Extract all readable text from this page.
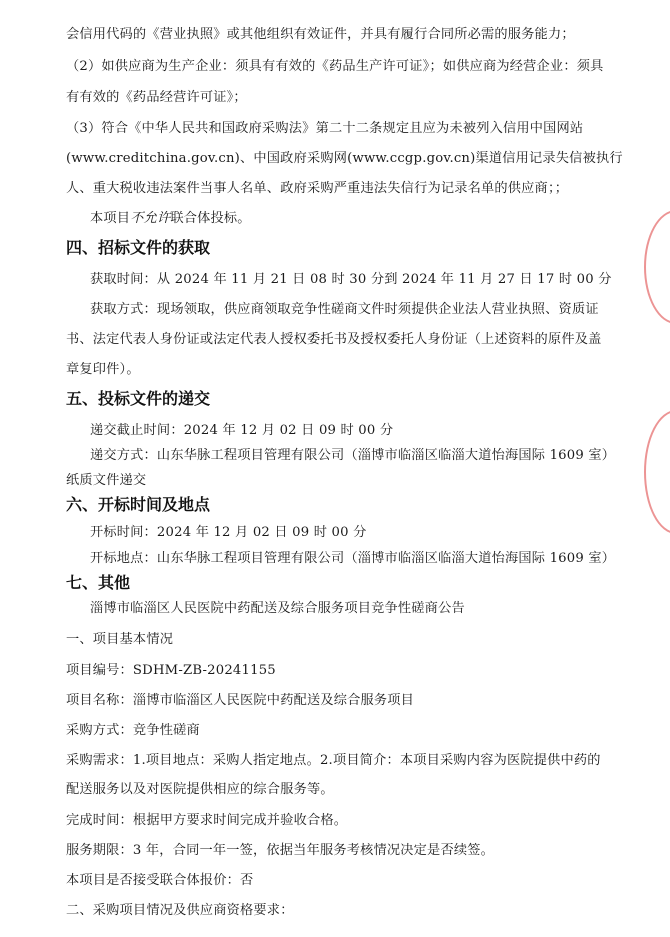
会信用代码的《营业执照》或其他组织有效证件，并具有履行合同所必需的服务能力；
（2）如供应商为生产企业：须具有有效的《药品生产许可证》；如供应商为经营企业：须具
有有效的《药品经营许可证》；
（3）符合《中华人民共和国政府采购法》第二十二条规定且应为未被列入信用中国网站
(www.creditchina.gov.cn)、中国政府采购网(www.ccgp.gov.cn)渠道信用记录失信被执行
人、重大税收违法案件当事人名单、政府采购严重违法失信行为记录名单的供应商；；
本项目不允许联合体投标。
四、招标文件的获取
获取时间：从 2024 年 11 月 21 日 08 时 30 分到 2024 年 11 月 27 日 17 时 00 分
获取方式：现场领取，供应商领取竞争性磋商文件时须提供企业法人营业执照、资质证
书、法定代表人身份证或法定代表人授权委托书及授权委托人身份证（上述资料的原件及盖
章复印件）。
五、投标文件的递交
递交截止时间：2024 年 12 月 02 日 09 时 00 分
递交方式：山东华脉工程项目管理有限公司（淄博市临淄区临淄大道怡海国际 1609 室）
纸质文件递交
六、开标时间及地点
开标时间：2024 年 12 月 02 日 09 时 00 分
开标地点：山东华脉工程项目管理有限公司（淄博市临淄区临淄大道怡海国际 1609 室）
七、其他
淄博市临淄区人民医院中药配送及综合服务项目竞争性磋商公告
一、项目基本情况
项目编号：SDHM-ZB-20241155
项目名称：淄博市临淄区人民医院中药配送及综合服务项目
采购方式：竞争性磋商
采购需求：1.项目地点：采购人指定地点。2.项目简介：本项目采购内容为医院提供中药的
配送服务以及对医院提供相应的综合服务等。
完成时间：根据甲方要求时间完成并验收合格。
服务期限：3 年，合同一年一签，依据当年服务考核情况决定是否续签。
本项目是否接受联合体报价：否
二、采购项目情况及供应商资格要求：
